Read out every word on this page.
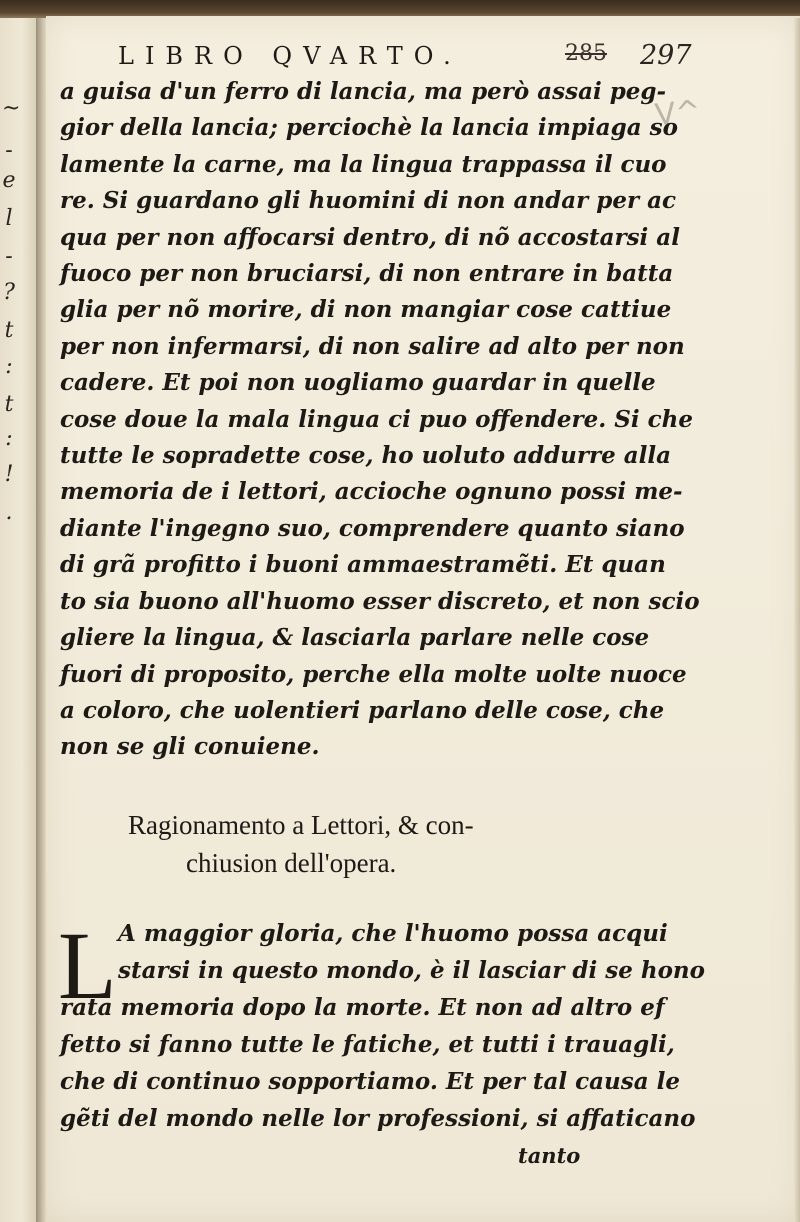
~
-
e
l
-
?
t
:
t
:
!
.
LIBRO QVARTO.	285 297
V^
a guisa d'un ferro di lancia, ma però assai peg-
gior della lancia; perciochè la lancia impiaga so
lamente la carne, ma la lingua trappassa il cuo
re. Si guardano gli huomini di non andar per ac
qua per non affocarsi dentro, di nõ accostarsi al
fuoco per non bruciarsi, di non entrare in batta
glia per nõ morire, di non mangiar cose cattiue
per non infermarsi, di non salire ad alto per non
cadere. Et poi non uogliamo guardar in quelle
cose doue la mala lingua ci puo offendere. Si che
tutte le sopradette cose, ho uoluto addurre alla
memoria de i lettori, accioche ognuno possi me-
diante l'ingegno suo, comprendere quanto siano
di grã profitto i buoni ammaestramẽti. Et quan
to sia buono all'huomo esser discreto, et non scio
gliere la lingua, & lasciarla parlare nelle cose
fuori di proposito, perche ella molte uolte nuoce
a coloro, che uolentieri parlano delle cose, che
non se gli conuiene.
Ragionamento a Lettori, & con-
chiusion dell'opera.
L A maggior gloria, che l'huomo possa acqui
starsi in questo mondo, è il lasciar di se hono
rata memoria dopo la morte. Et non ad altro ef
fetto si fanno tutte le fatiche, et tutti i trauagli,
che di continuo sopportiamo. Et per tal causa le
gẽti del mondo nelle lor professioni, si affaticano
tanto
